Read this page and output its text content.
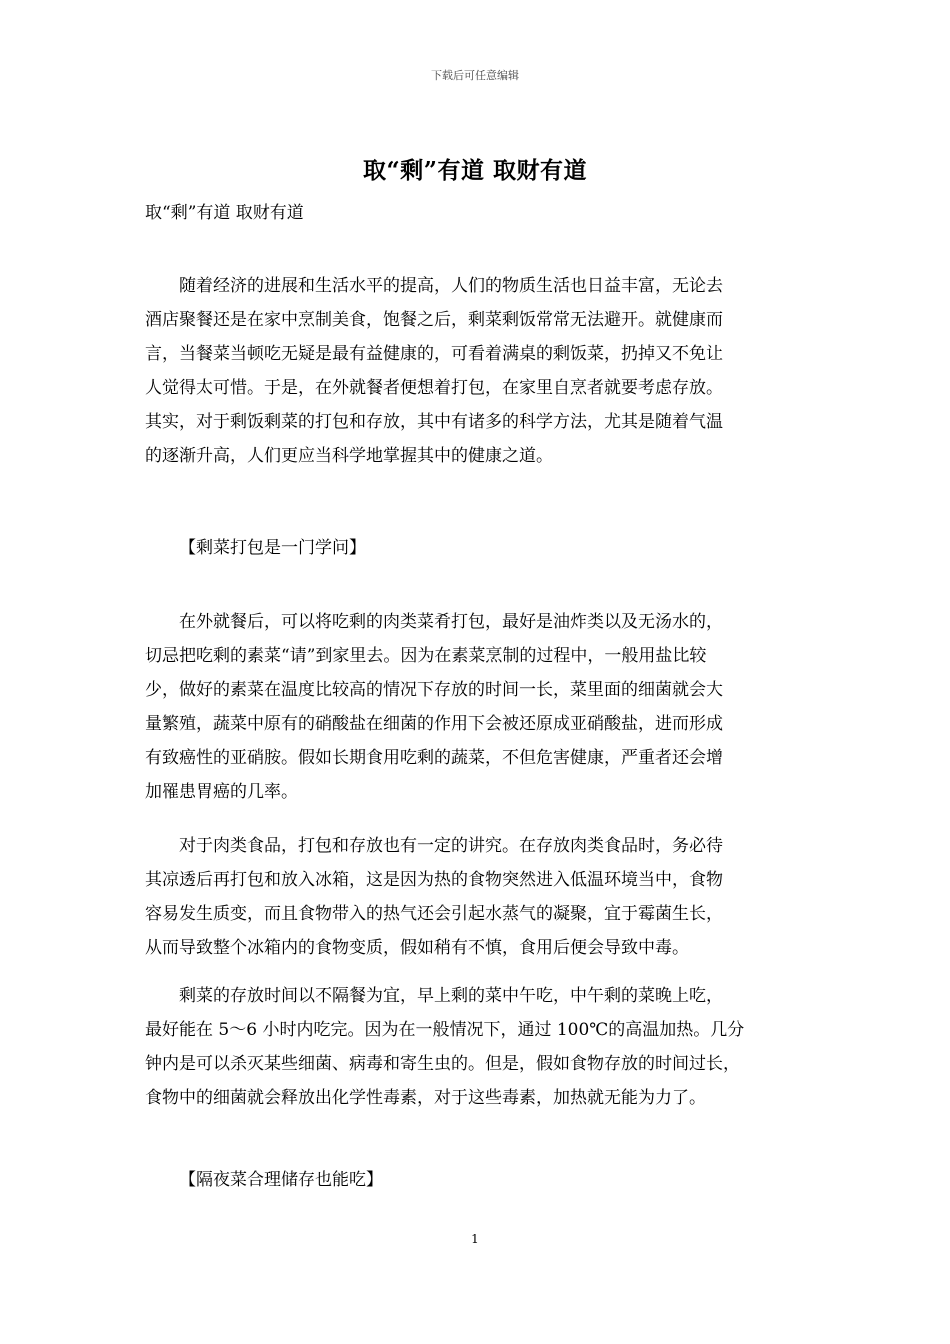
下载后可任意编辑
取“剩”有道 取财有道
取“剩”有道 取财有道
　　随着经济的进展和生活水平的提高，人们的物质生活也日益丰富，无论去
酒店聚餐还是在家中烹制美食，饱餐之后，剩菜剩饭常常无法避开。就健康而
言，当餐菜当顿吃无疑是最有益健康的，可看着满桌的剩饭菜，扔掉又不免让
人觉得太可惜。于是，在外就餐者便想着打包，在家里自烹者就要考虑存放。
其实，对于剩饭剩菜的打包和存放，其中有诸多的科学方法，尤其是随着气温
的逐渐升高，人们更应当科学地掌握其中的健康之道。
【剩菜打包是一门学问】
　　在外就餐后，可以将吃剩的肉类菜肴打包，最好是油炸类以及无汤水的，
切忌把吃剩的素菜“请”到家里去。因为在素菜烹制的过程中，一般用盐比较
少，做好的素菜在温度比较高的情况下存放的时间一长，菜里面的细菌就会大
量繁殖，蔬菜中原有的硝酸盐在细菌的作用下会被还原成亚硝酸盐，进而形成
有致癌性的亚硝胺。假如长期食用吃剩的蔬菜，不但危害健康，严重者还会增
加罹患胃癌的几率。
　　对于肉类食品，打包和存放也有一定的讲究。在存放肉类食品时，务必待
其凉透后再打包和放入冰箱，这是因为热的食物突然进入低温环境当中，食物
容易发生质变，而且食物带入的热气还会引起水蒸气的凝聚，宜于霉菌生长，
从而导致整个冰箱内的食物变质，假如稍有不慎，食用后便会导致中毒。
　　剩菜的存放时间以不隔餐为宜，早上剩的菜中午吃，中午剩的菜晚上吃，
最好能在 5～6 小时内吃完。因为在一般情况下，通过 100℃的高温加热。几分
钟内是可以杀灭某些细菌、病毒和寄生虫的。但是，假如食物存放的时间过长，
食物中的细菌就会释放出化学性毒素，对于这些毒素，加热就无能为力了。
【隔夜菜合理储存也能吃】
1
